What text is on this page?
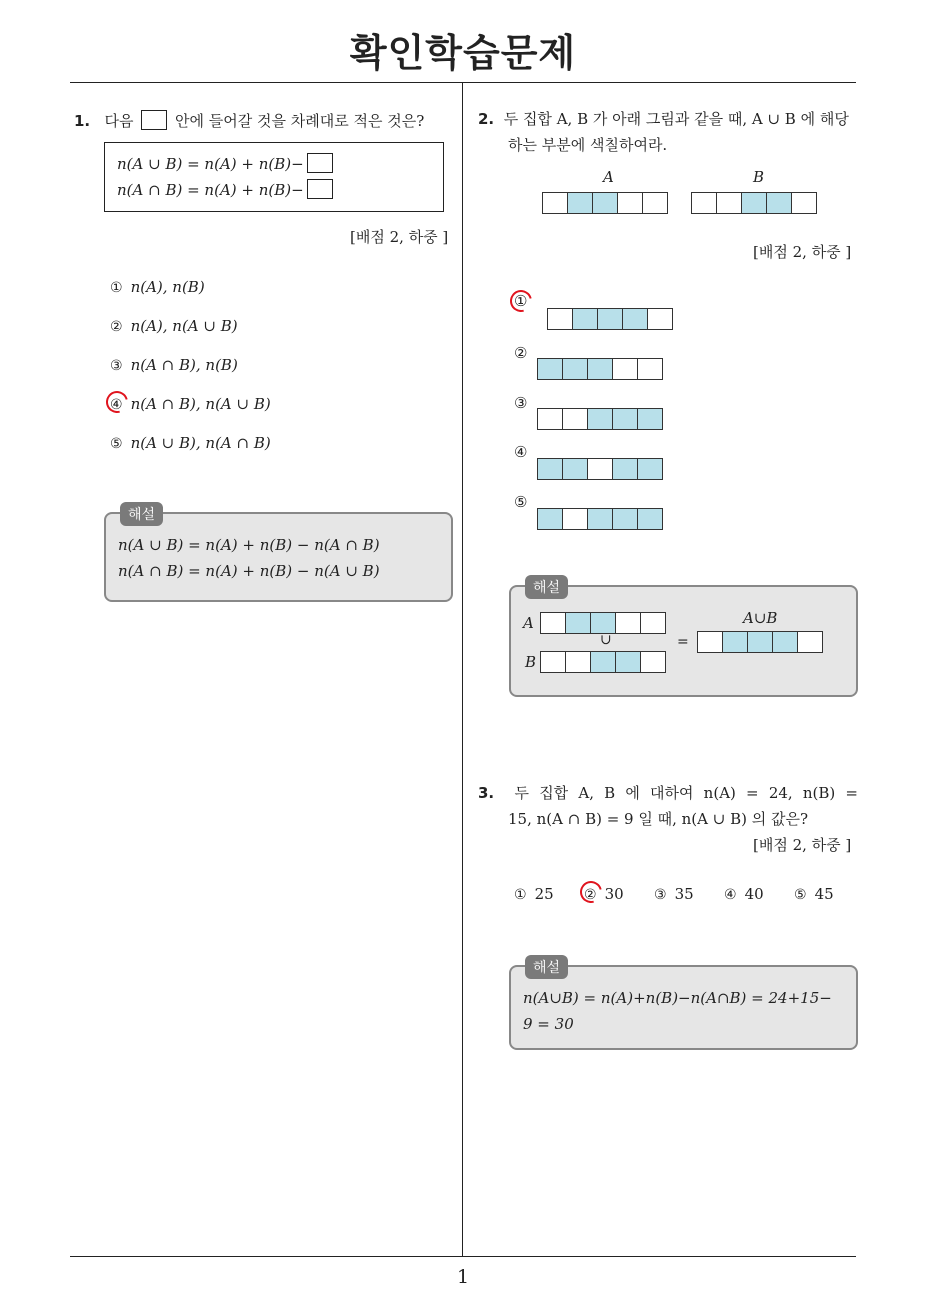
확인학습문제
1
1. 다음	안에 들어갈 것을 차례대로 적은 것은?
n(A ∪ B) = n(A) + n(B)−
n(A ∩ B) = n(A) + n(B)−
[배점 2, 하중 ]
① n(A), n(B)
② n(A), n(A ∪ B)
③ n(A ∩ B), n(B)
④ n(A ∩ B), n(A ∪ B)
⑤ n(A ∪ B), n(A ∩ B)
해설
n(A ∪ B) = n(A) + n(B) − n(A ∩ B)
n(A ∩ B) = n(A) + n(B) − n(A ∪ B)
2. 두 집합 A, B 가 아래 그림과 같을 때, A ∪ B 에 해당
하는 부분에 색칠하여라.
A	B
[배점 2, 하중 ]
①
②
③
④
⑤
해설
A
∪
B
=
A∪B
3. 두 집합 A, B 에 대하여 n(A) = 24, n(B) =
15, n(A ∩ B) = 9 일 때, n(A ∪ B) 의 값은?
[배점 2, 하중 ]
① 25 ② 30 ③ 35 ④ 40 ⑤ 45
해설
n(A∪B) = n(A)+n(B)−n(A∩B) = 24+15−
9 = 30
